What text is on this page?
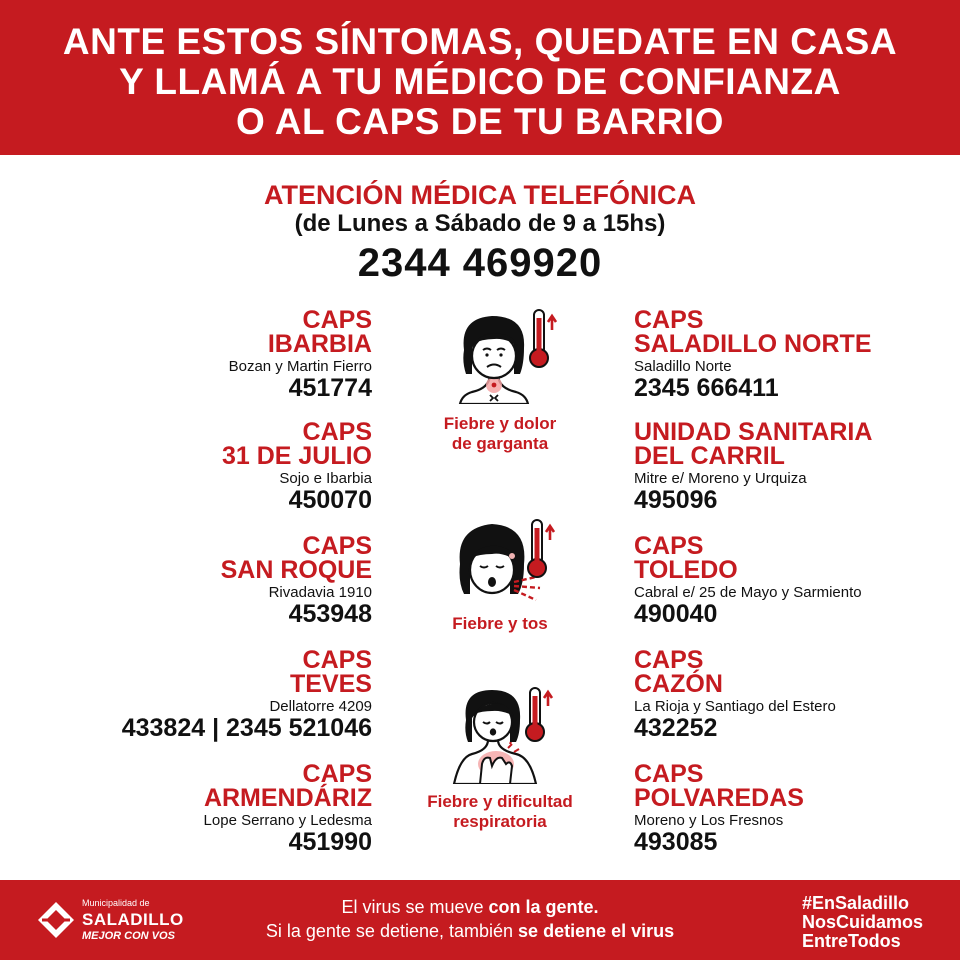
ANTE ESTOS SÍNTOMAS, QUEDATE EN CASA
Y LLAMÁ A TU MÉDICO DE CONFIANZA
O AL CAPS DE TU BARRIO
ATENCIÓN MÉDICA TELEFÓNICA
(de Lunes a Sábado de 9 a 15hs)
2344 469920
CAPS
IBARBIA
Bozan y Martin Fierro
451774
CAPS
31 DE JULIO
Sojo e Ibarbia
450070
CAPS
SAN ROQUE
Rivadavia 1910
453948
CAPS
TEVES
Dellatorre 4209
433824 | 2345 521046
CAPS
ARMENDÁRIZ
Lope Serrano y Ledesma
451990
CAPS
SALADILLO NORTE
Saladillo Norte
2345 666411
UNIDAD SANITARIA
DEL CARRIL
Mitre e/ Moreno y Urquiza
495096
CAPS
TOLEDO
Cabral e/ 25 de Mayo y Sarmiento
490040
CAPS
CAZÓN
La Rioja y Santiago del Estero
432252
CAPS
POLVAREDAS
Moreno y Los Fresnos
493085
Fiebre y dolor
de garganta
Fiebre y tos
Fiebre y dificultad
respiratoria
Municipalidad de
SALADILLO
MEJOR CON VOS
El virus se mueve con la gente.
Si la gente se detiene, también se detiene el virus
#EnSaladillo
NosCuidamos
EntreTodos
